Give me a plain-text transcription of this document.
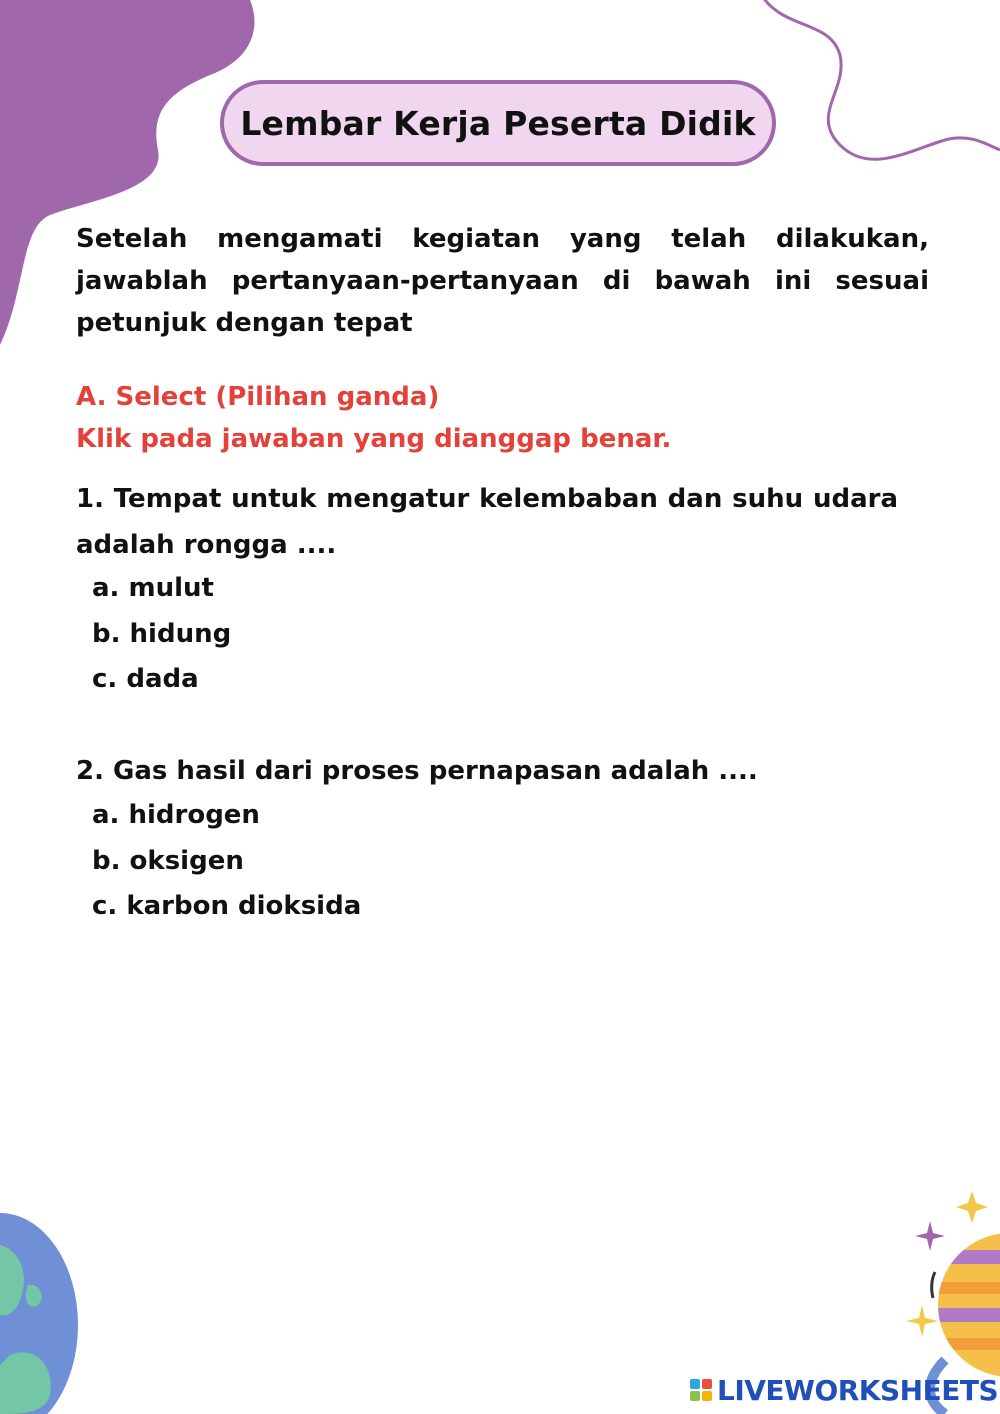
Lembar Kerja Peserta Didik
Setelah mengamati kegiatan yang telah dilakukan, jawablah pertanyaan-pertanyaan di bawah ini sesuai petunjuk dengan tepat
A. Select (Pilihan ganda)
Klik pada jawaban yang dianggap benar.
1. Tempat untuk mengatur kelembaban dan suhu udara adalah rongga ....
a. mulut
b. hidung
c. dada
2. Gas hasil dari proses pernapasan adalah ....
a. hidrogen
b. oksigen
c. karbon dioksida
LIVEWORKSHEETS
